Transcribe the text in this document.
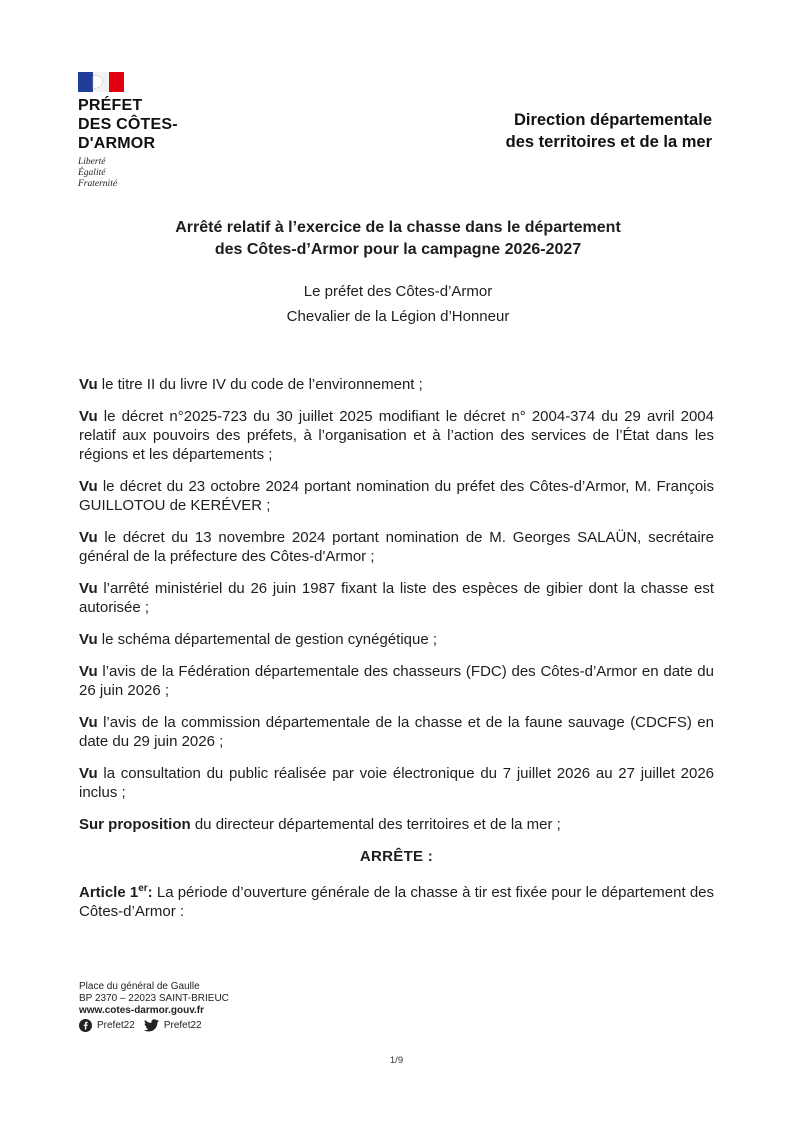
PRÉFET
DES CÔTES-
D'ARMOR
Liberté
Égalité
Fraternité
Direction départementale
des territoires et de la mer
Arrêté relatif à l’exercice de la chasse dans le département
des Côtes-d’Armor pour la campagne 2026-2027
Le préfet des Côtes-d’Armor
Chevalier de la Légion d’Honneur

Vu le titre II du livre IV du code de l’environnement ;

Vu le décret n°2025-723 du 30 juillet 2025 modifiant le décret n° 2004-374 du 29 avril 2004 relatif aux pouvoirs des préfets, à l’organisation et à l’action des services de l’État dans les régions et les départements ;

Vu le décret du 23 octobre 2024 portant nomination du préfet des Côtes-d’Armor, M. François GUILLOTOU de KERÉVER ;

Vu le décret du 13 novembre 2024 portant nomination de M. Georges SALAÜN, secrétaire général de la préfecture des Côtes-d'Armor ;

Vu l’arrêté ministériel du 26 juin 1987 fixant la liste des espèces de gibier dont la chasse est autorisée ;

Vu le schéma départemental de gestion cynégétique ;

Vu l’avis de la Fédération départementale des chasseurs (FDC) des Côtes-d’Armor en date du 26 juin 2026 ;

Vu l’avis de la commission départementale de la chasse et de la faune sauvage (CDCFS) en date du 29 juin 2026 ;

Vu la consultation du public réalisée par voie électronique du 7 juillet 2026 au 27 juillet 2026 inclus ;

Sur proposition du directeur départemental des territoires et de la mer ;

ARRÊTE :

Article 1er: La période d’ouverture générale de la chasse à tir est fixée pour le département des Côtes-d’Armor :

Place du général de Gaulle
BP 2370 – 22023 SAINT-BRIEUC
www.cotes-darmor.gouv.fr
Prefet22	Prefet22
1/9
